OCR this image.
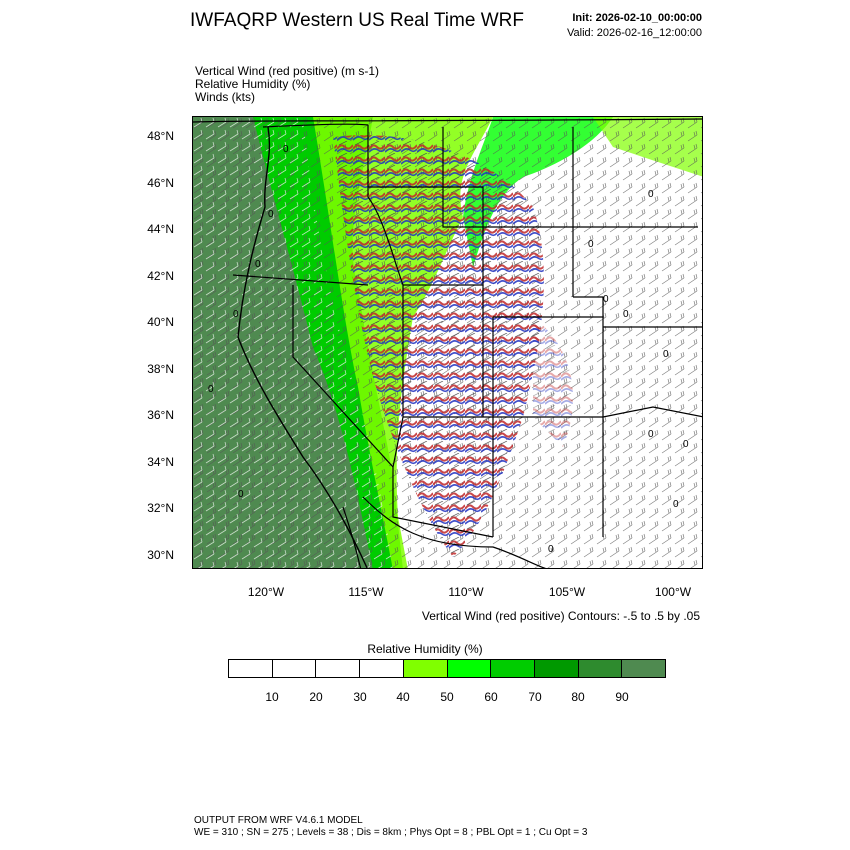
IWFAQRP Western US Real Time WRF	Init: 2026-02-10_00:00:00
Valid: 2026-02-16_12:00:00
Vertical Wind (red positive) (m s-1)
Relative Humidity (%)
Winds (kts)
0
0
0
0
0
0
0
0
0
0
0
0
0
0
0
48°N
46°N
44°N
42°N
40°N
38°N
36°N
34°N
32°N
30°N
120°W	115°W	110°W	105°W	100°W
Vertical Wind (red positive) Contours: -.5 to .5 by .05
Relative Humidity (%)
10	20	30	40	50	60	70	80	90
OUTPUT FROM WRF V4.6.1 MODEL
WE = 310 ; SN = 275 ; Levels = 38 ; Dis = 8km ; Phys Opt = 8 ; PBL Opt = 1 ; Cu Opt = 3
